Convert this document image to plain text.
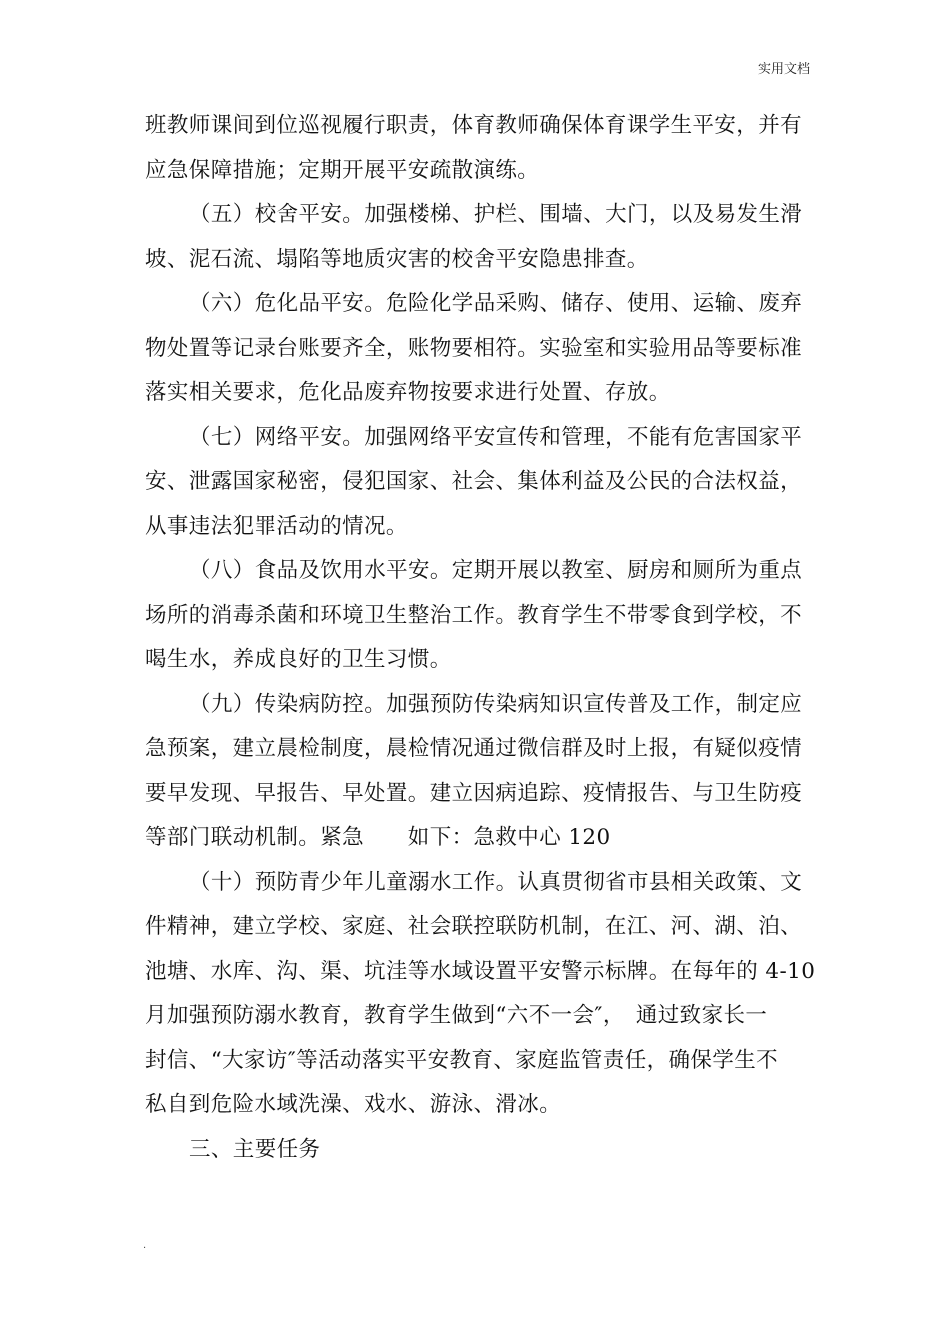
实用文档
班教师课间到位巡视履行职责，体育教师确保体育课学生平安，并有
应急保障措施；定期开展平安疏散演练。
（五）校舍平安。加强楼梯、护栏、围墙、大门，以及易发生滑
坡、泥石流、塌陷等地质灾害的校舍平安隐患排查。
（六）危化品平安。危险化学品采购、储存、使用、运输、废弃
物处置等记录台账要齐全，账物要相符。实验室和实验用品等要标准
落实相关要求，危化品废弃物按要求进行处置、存放。
（七）网络平安。加强网络平安宣传和管理，不能有危害国家平
安、泄露国家秘密，侵犯国家、社会、集体利益及公民的合法权益，
从事违法犯罪活动的情况。
（八）食品及饮用水平安。定期开展以教室、厨房和厕所为重点
场所的消毒杀菌和环境卫生整治工作。教育学生不带零食到学校，不
喝生水，养成良好的卫生习惯。
（九）传染病防控。加强预防传染病知识宣传普及工作，制定应
急预案，建立晨检制度，晨检情况通过微信群及时上报，有疑似疫情
要早发现、早报告、早处置。建立因病追踪、疫情报告、与卫生防疫
等部门联动机制。紧急　　如下：急救中心 120
（十）预防青少年儿童溺水工作。认真贯彻省市县相关政策、文
件精神，建立学校、家庭、社会联控联防机制，在江、河、湖、泊、
池塘、水库、沟、渠、坑洼等水域设置平安警示标牌。在每年的 4-10
月加强预防溺水教育，教育学生做到“六不一会″，　通过致家长一
封信、“大家访″等活动落实平安教育、家庭监管责任，确保学生不
私自到危险水域洗澡、戏水、游泳、滑冰。
三、主要任务
.
